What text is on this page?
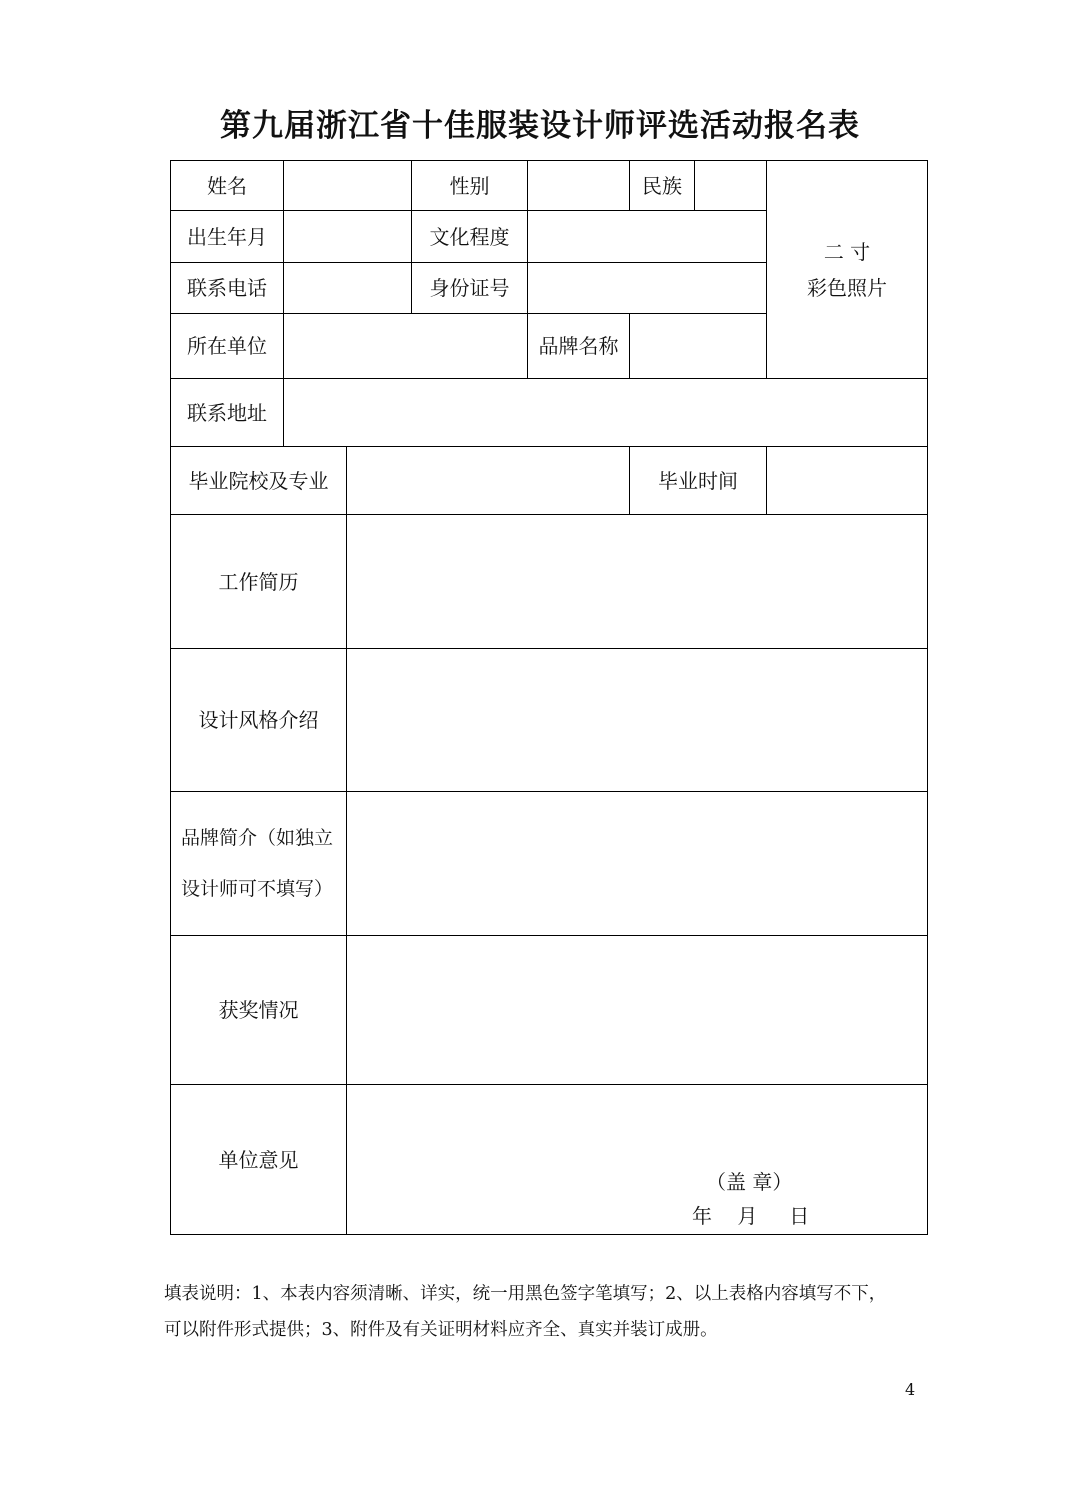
第九届浙江省十佳服装设计师评选活动报名表
姓名	性别	民族
二 寸
彩色照片
出生年月	文化程度
联系电话	身份证号
所在单位	品牌名称
联系地址
毕业院校及专业	毕业时间
工作简历
设计风格介绍
品牌简介（如独立
设计师可不填写）
获奖情况
单位意见
（盖 章）
年    月     日
填表说明：1、本表内容须清晰、详实，统一用黑色签字笔填写；2、以上表格内容填写不下，
可以附件形式提供；3、附件及有关证明材料应齐全、真实并装订成册。
4
